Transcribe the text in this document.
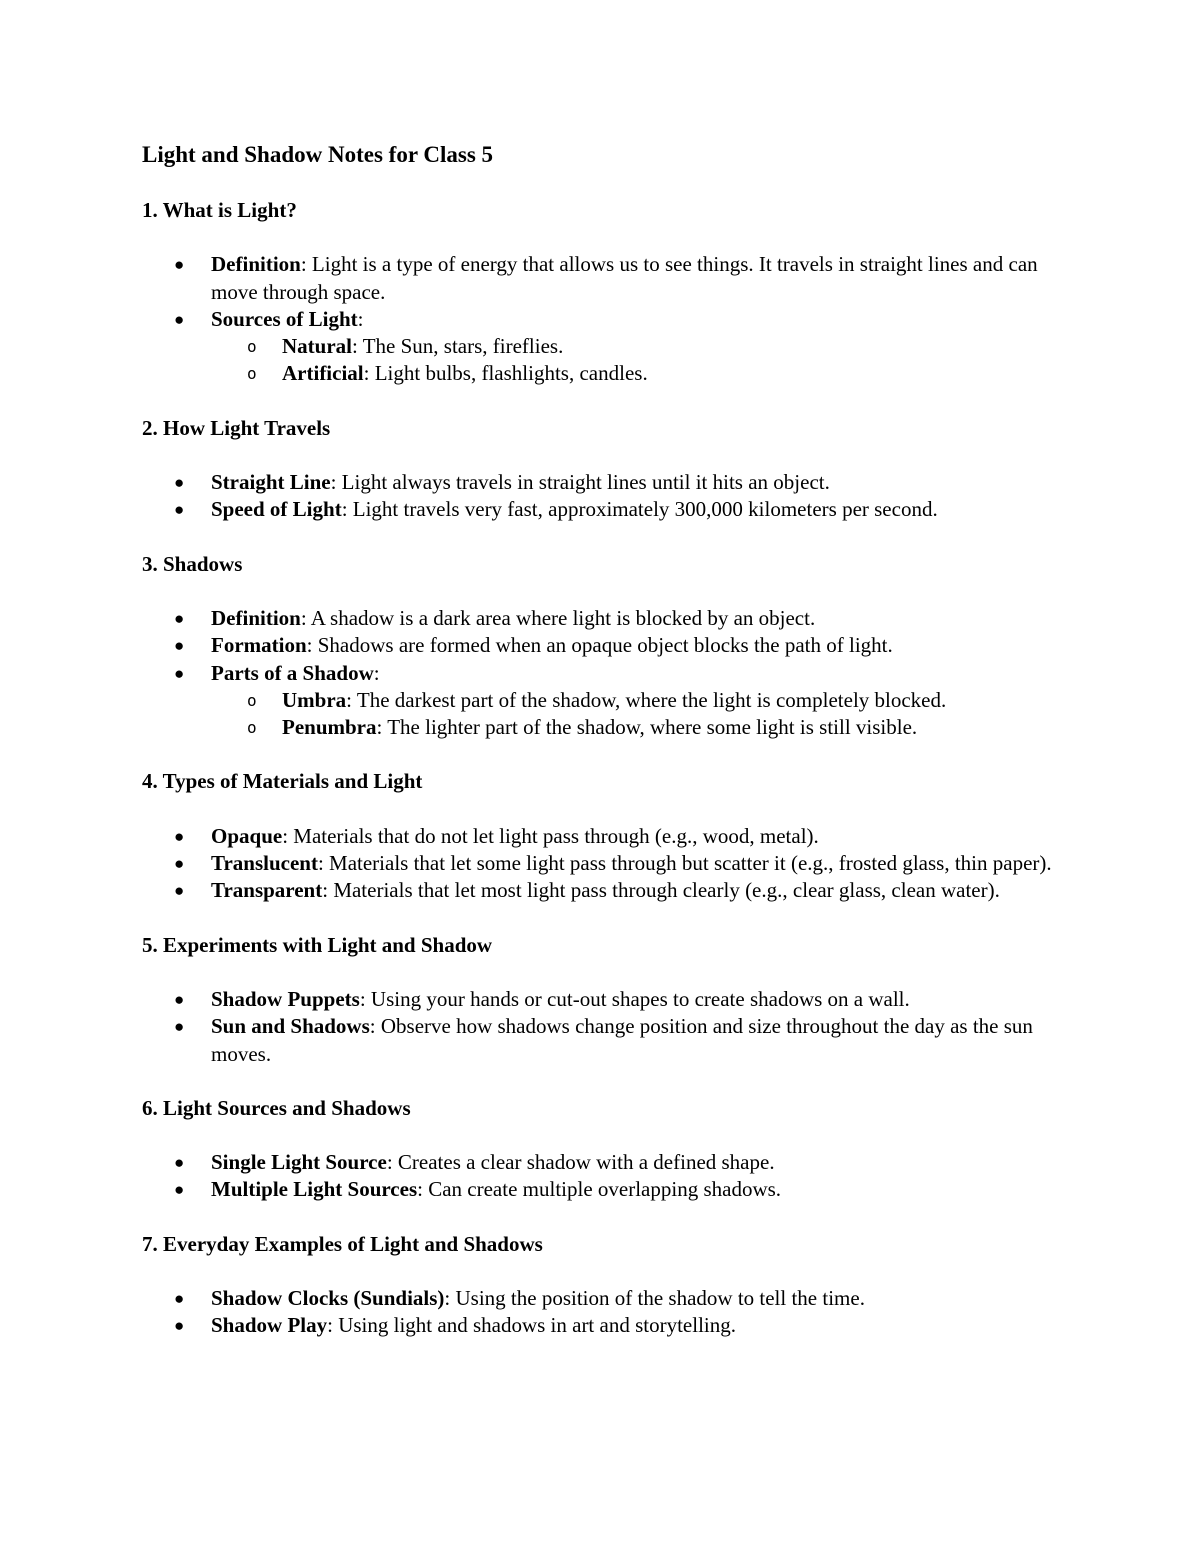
Light and Shadow Notes for Class 5
1. What is Light?
● Definition: Light is a type of energy that allows us to see things. It travels in straight lines and can move through space.
● Sources of Light:
o Natural: The Sun, stars, fireflies.
o Artificial: Light bulbs, flashlights, candles.
2. How Light Travels
● Straight Line: Light always travels in straight lines until it hits an object.
● Speed of Light: Light travels very fast, approximately 300,000 kilometers per second.
3. Shadows
● Definition: A shadow is a dark area where light is blocked by an object.
● Formation: Shadows are formed when an opaque object blocks the path of light.
● Parts of a Shadow:
o Umbra: The darkest part of the shadow, where the light is completely blocked.
o Penumbra: The lighter part of the shadow, where some light is still visible.
4. Types of Materials and Light
● Opaque: Materials that do not let light pass through (e.g., wood, metal).
● Translucent: Materials that let some light pass through but scatter it (e.g., frosted glass, thin paper).
● Transparent: Materials that let most light pass through clearly (e.g., clear glass, clean water).
5. Experiments with Light and Shadow
● Shadow Puppets: Using your hands or cut-out shapes to create shadows on a wall.
● Sun and Shadows: Observe how shadows change position and size throughout the day as the sun moves.
6. Light Sources and Shadows
● Single Light Source: Creates a clear shadow with a defined shape.
● Multiple Light Sources: Can create multiple overlapping shadows.
7. Everyday Examples of Light and Shadows
● Shadow Clocks (Sundials): Using the position of the shadow to tell the time.
● Shadow Play: Using light and shadows in art and storytelling.
